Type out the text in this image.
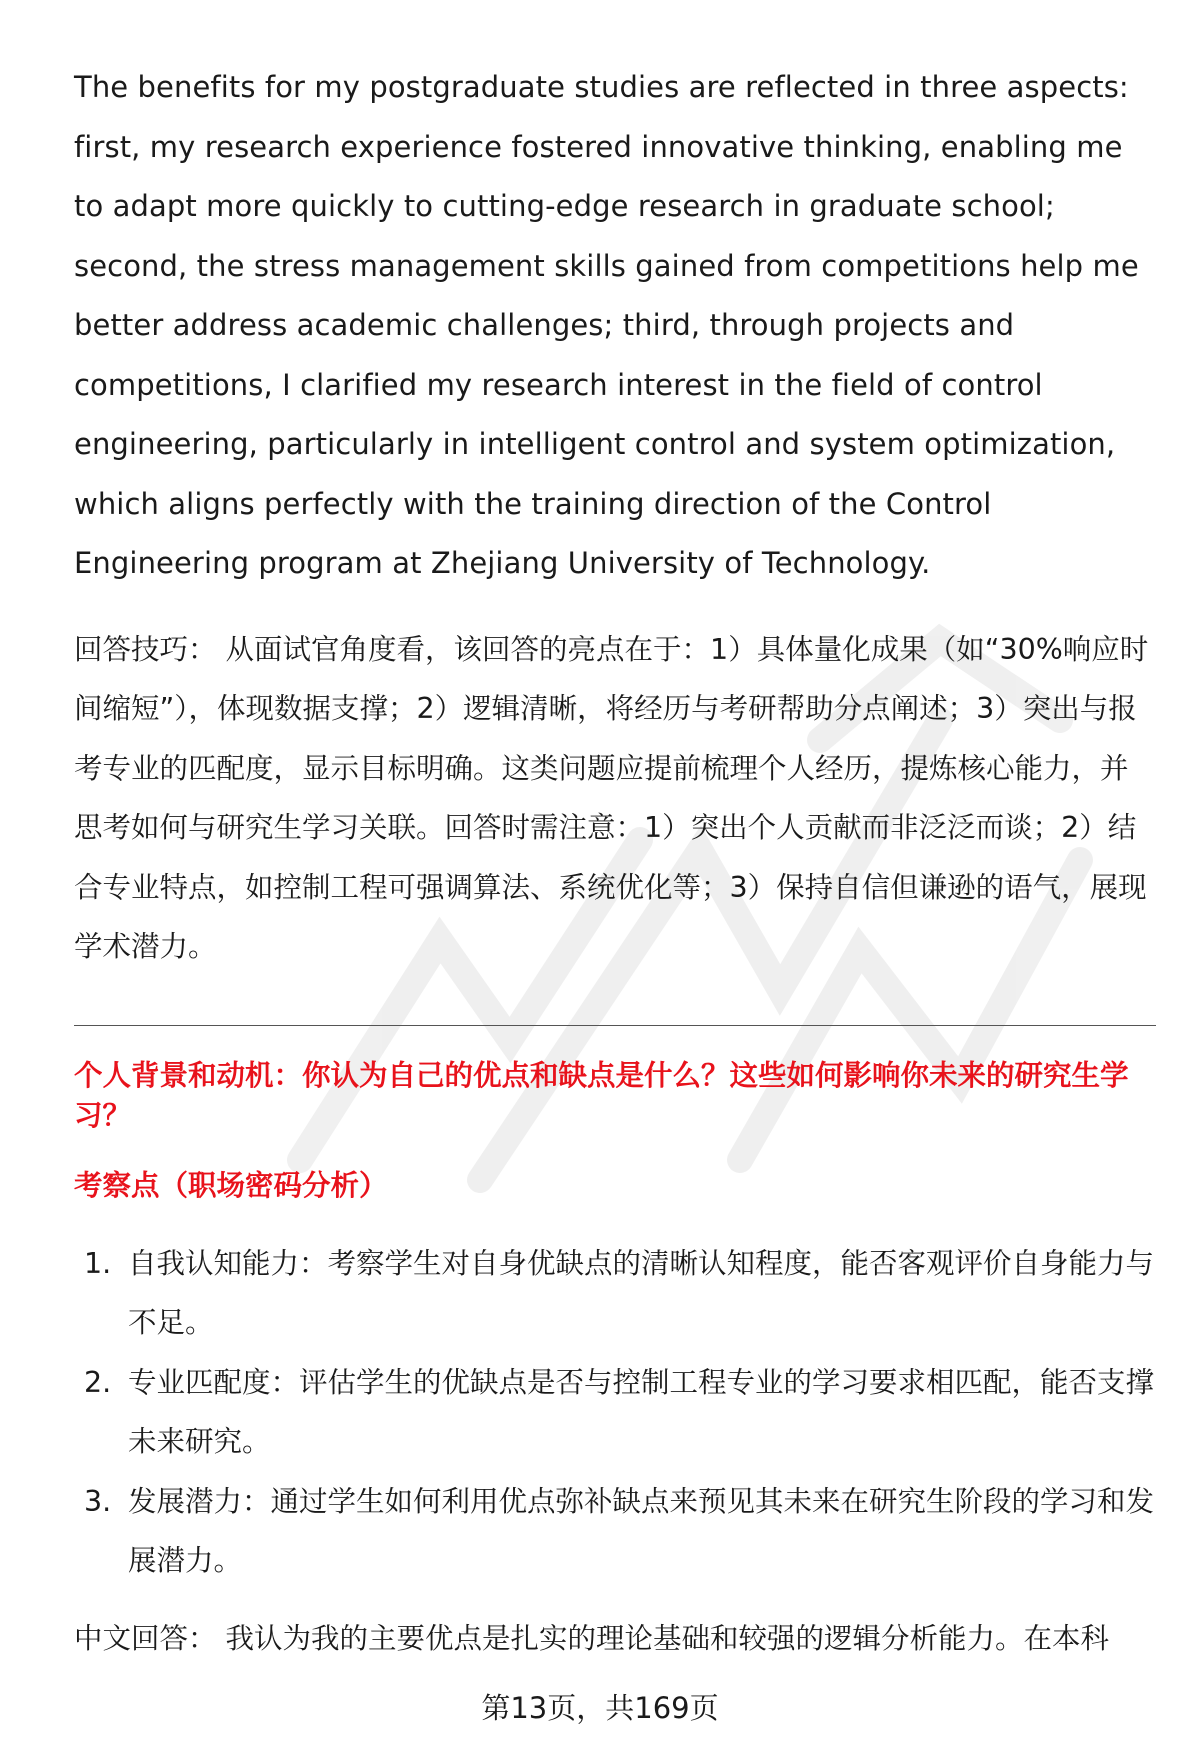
The benefits for my postgraduate studies are reflected in three aspects: first, my research experience fostered innovative thinking, enabling me to adapt more quickly to cutting-edge research in graduate school; second, the stress management skills gained from competitions help me better address academic challenges; third, through projects and competitions, I clarified my research interest in the field of control engineering, particularly in intelligent control and system optimization, which aligns perfectly with the training direction of the Control Engineering program at Zhejiang University of Technology.

回答技巧： 从面试官角度看，该回答的亮点在于：1）具体量化成果（如“30%响应时间缩短”），体现数据支撑；2）逻辑清晰，将经历与考研帮助分点阐述；3）突出与报考专业的匹配度，显示目标明确。这类问题应提前梳理个人经历，提炼核心能力，并思考如何与研究生学习关联。回答时需注意：1）突出个人贡献而非泛泛而谈；2）结合专业特点，如控制工程可强调算法、系统优化等；3）保持自信但谦逊的语气，展现学术潜力。

个人背景和动机：你认为自己的优点和缺点是什么？这些如何影响你未来的研究生学习？
考察点（职场密码分析）
1. 自我认知能力：考察学生对自身优缺点的清晰认知程度，能否客观评价自身能力与不足。
2. 专业匹配度：评估学生的优缺点是否与控制工程专业的学习要求相匹配，能否支撑未来研究。
3. 发展潜力：通过学生如何利用优点弥补缺点来预见其未来在研究生阶段的学习和发展潜力。

中文回答： 我认为我的主要优点是扎实的理论基础和较强的逻辑分析能力。在本科

第13页，共169页
